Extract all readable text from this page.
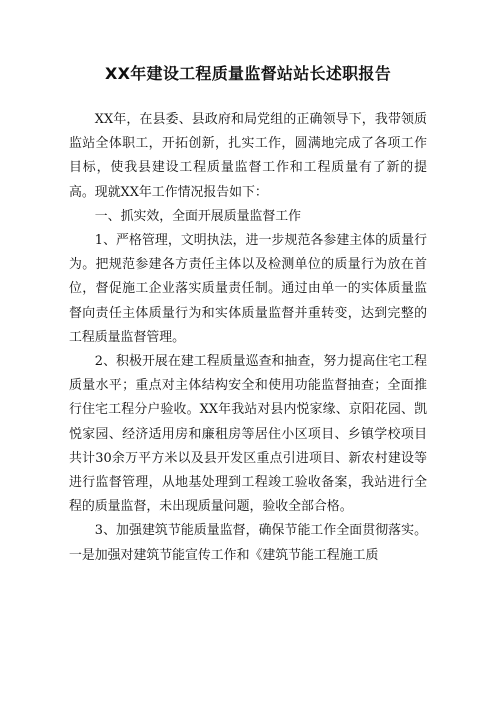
XX年建设工程质量监督站站长述职报告

XX年，在县委、县政府和局党组的正确领导下，我带领质监站全体职工，开拓创新，扎实工作，圆满地完成了各项工作目标，使我县建设工程质量监督工作和工程质量有了新的提高。现就XX年工作情况报告如下：

一、抓实效，全面开展质量监督工作

1、严格管理，文明执法，进一步规范各参建主体的质量行为。把规范参建各方责任主体以及检测单位的质量行为放在首位，督促施工企业落实质量责任制。通过由单一的实体质量监督向责任主体质量行为和实体质量监督并重转变，达到完整的工程质量监督管理。

2、积极开展在建工程质量巡查和抽查，努力提高住宅工程质量水平；重点对主体结构安全和使用功能监督抽查；全面推行住宅工程分户验收。XX年我站对县内悦家缘、京阳花园、凯悦家园、经济适用房和廉租房等居住小区项目、乡镇学校项目共计30余万平方米以及县开发区重点引进项目、新农村建设等进行监督管理，从地基处理到工程竣工验收备案，我站进行全程的质量监督，未出现质量问题，验收全部合格。

3、加强建筑节能质量监督，确保节能工作全面贯彻落实。一是加强对建筑节能宣传工作和《建筑节能工程施工质
